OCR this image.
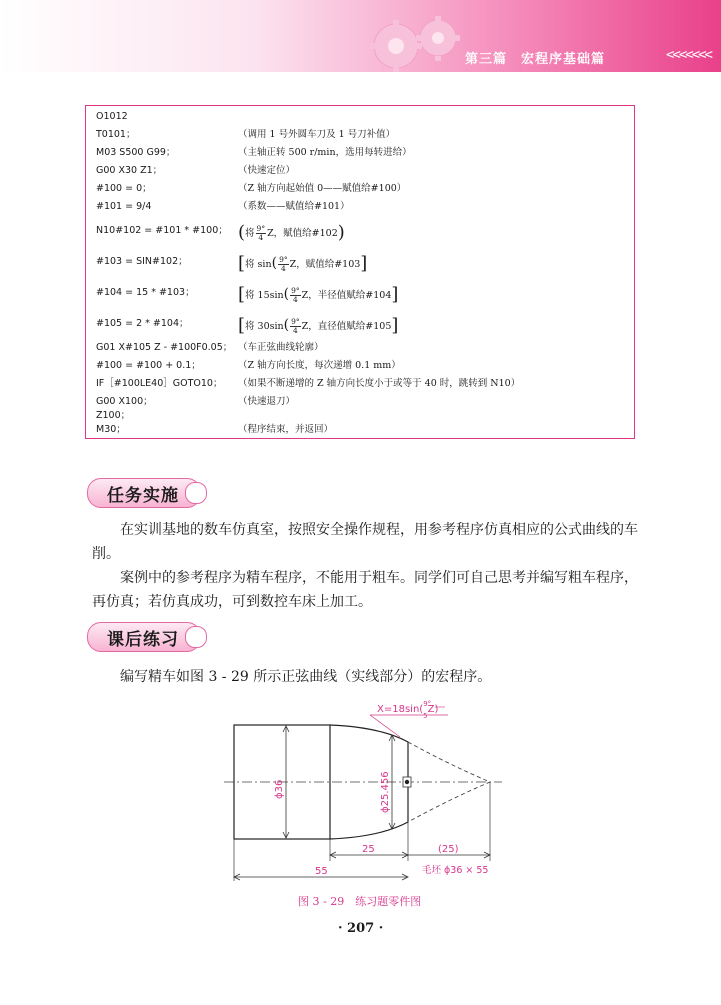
第三篇　宏程序基础篇	<<<<<<<
O1012
T0101；	（调用 1 号外圆车刀及 1 号刀补值）
M03 S500 G99；	（主轴正转 500 r/min，选用每转进给）
G00 X30 Z1；	（快速定位）
#100 = 0；	（Z 轴方向起始值 0——赋值给#100）
#101 = 9/4	（系数——赋值给#101）
N10#102 = #101 * #100； (将 $\frac{9^\circ}{4}$ Z，赋值给#102)
#103 = SIN#102；	[将 $\sin( \frac{9^\circ}{4}$ Z，赋值给#103]
#104 = 15 * #103； [将 $15\sin( \frac{9^\circ}{4}$ Z，半径值赋给#104]
#105 = 2 * #104；	[将 $30\sin( \frac{9^\circ}{4}$ Z，直径值赋给#105]
G01 X#105 Z - #100F0.05； （车正弦曲线轮廓）
#100 = #100 + 0.1；	（Z 轴方向长度，每次递增 0.1 mm）
IF［#100LE40］GOTO10； （如果不断递增的 Z 轴方向长度小于或等于 40 时，跳转到 N10）
G00 X100；	（快速退刀）
Z100；
M30；	（程序结束，并返回）
任务实施
在实训基地的数车仿真室，按照安全操作规程，用参考程序仿真相应的公式曲线的车削。
案例中的参考程序为精车程序，不能用于粗车。同学们可自己思考并编写粗车程序，再仿真；若仿真成功，可到数控车床上加工。
课后练习
编写精车如图 3 - 29 所示正弦曲线（实线部分）的宏程序。
X=18sin($^{9^\circ}$ 5Z)
ϕ36	ϕ25.456
25	(25)
55	毛坯 ϕ36 × 55
图 3 - 29　练习题零件图
· 207 ·
